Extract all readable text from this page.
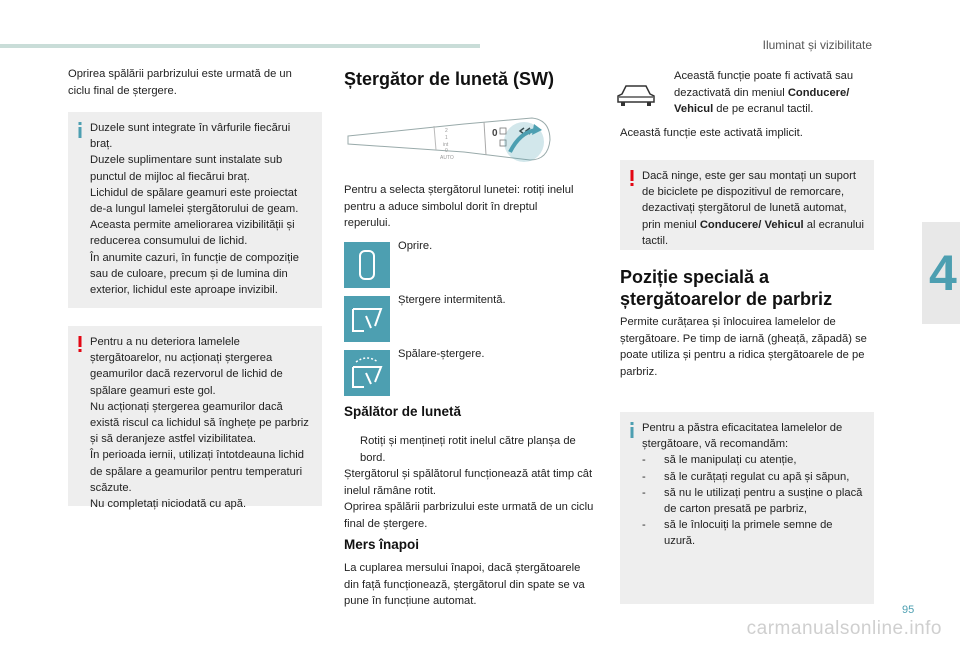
Iluminat și vizibilitate
Oprirea spălării parbrizului este urmată de un ciclu final de ștergere.

Duzele sunt integrate în vârfurile fiecărui braț.

Duzele suplimentare sunt instalate sub punctul de mijloc al fiecărui braț.

Lichidul de spălare geamuri este proiectat de-a lungul lamelei ștergătorului de geam. Aceasta permite ameliorarea vizibilității și reducerea consumului de lichid.

În anumite cazuri, în funcție de compoziție sau de culoare, precum și de lumina din exterior, lichidul este aproape invizibil.

Pentru a nu deteriora lamelele ștergătoarelor, nu acționați ștergerea geamurilor dacă rezervorul de lichid de spălare geamuri este gol.

Nu acționați ștergerea geamurilor dacă există riscul ca lichidul să înghețe pe parbriz și să deranjeze astfel vizibilitatea.

În perioada iernii, utilizați întotdeauna lichid de spălare a geamurilor pentru temperaturi scăzute.

Nu completați niciodată cu apă.

Ștergător de lunetă (SW)
2
1
int
0
AUTO
0
Pentru a selecta ștergătorul lunetei: rotiți inelul pentru a aduce simbolul dorit în dreptul reperului.
Oprire.
Ștergere intermitentă.
Spălare-ștergere.
Spălător de lunetă
Rotiți și mențineți rotit inelul către planșa de bord.
Ștergătorul și spălătorul funcționează atât timp cât inelul rămâne rotit.
Oprirea spălării parbrizului este urmată de un ciclu final de ștergere.
Mers înapoi
La cuplarea mersului înapoi, dacă ștergătoarele din față funcționează, ștergătorul din spate se va pune în funcțiune automat.
Această funcție poate fi activată sau dezactivată din meniul Conducere/ Vehicul de pe ecranul tactil.
Această funcție este activată implicit.

Dacă ninge, este ger sau montați un suport de biciclete pe dispozitivul de remorcare, dezactivați ștergătorul de lunetă automat, prin meniul Conducere/ Vehicul al ecranului tactil.

Poziție specială a
ștergătoarelor de parbriz
Permite curățarea și înlocuirea lamelelor de ștergătoare. Pe timp de iarnă (gheață, zăpadă) se poate utiliza și pentru a ridica ștergătoarele de pe parbriz.

Pentru a păstra eficacitatea lamelelor de ștergătoare, vă recomandăm:

- să le manipulați cu atenție,
- să le curățați regulat cu apă și săpun,
- să nu le utilizați pentru a susține o placă de carton presată pe parbriz,
- să le înlocuiți la primele semne de uzură.
4
95
carmanualsonline.info
